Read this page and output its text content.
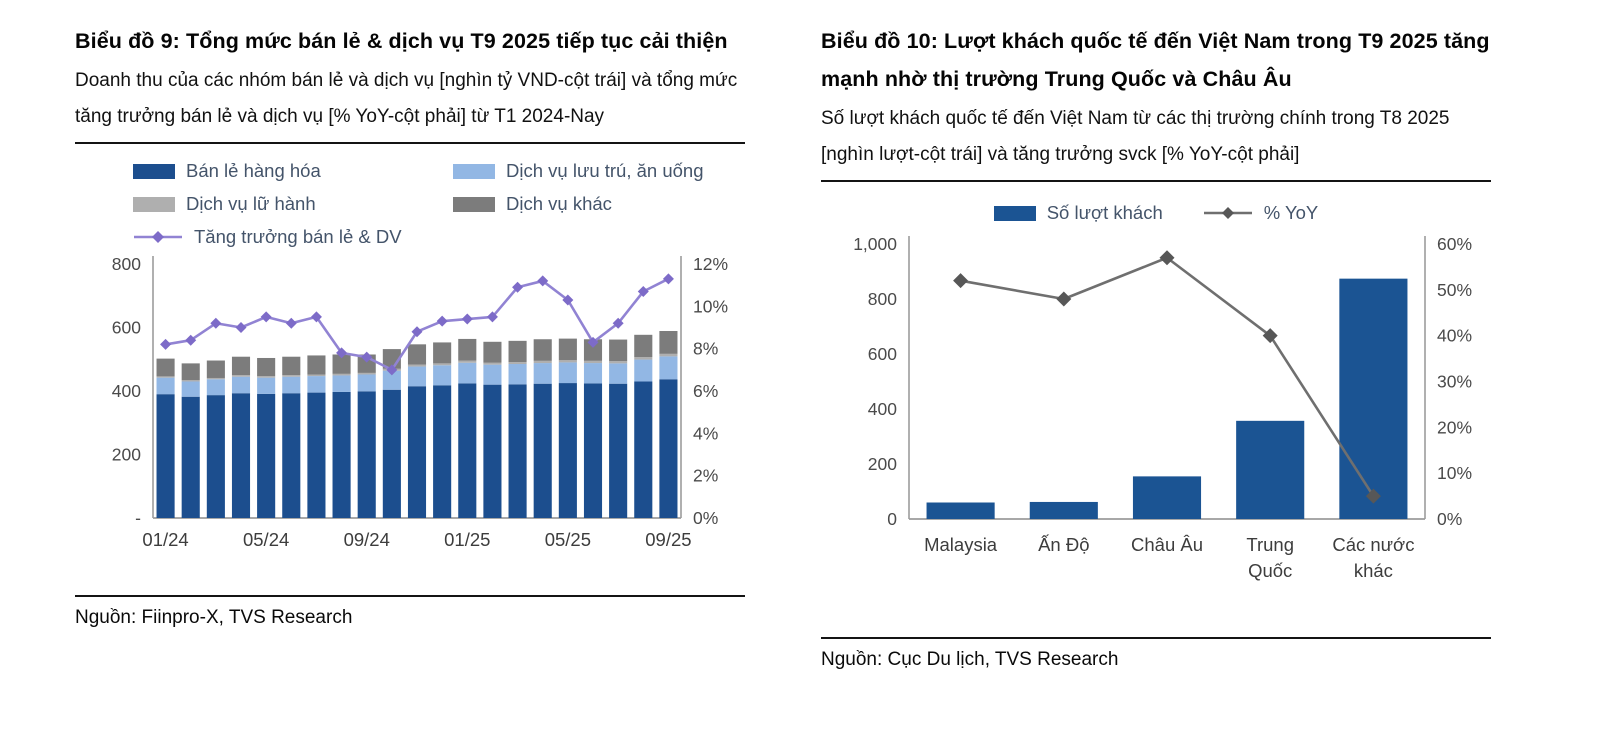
Biểu đồ 9: Tổng mức bán lẻ & dịch vụ T9 2025 tiếp tục cải thiện

Doanh thu của các nhóm bán lẻ và dịch vụ [nghìn tỷ VND-cột trái] và tổng mức tăng trưởng bán lẻ và dịch vụ [% YoY-cột phải] từ T1 2024-Nay

Bán lẻ hàng hóa	Dịch vụ lưu trú, ăn uống
Dịch vụ lữ hành	Dịch vụ khác
Tăng trưởng bán lẻ & DV
800
600
400
200
-
12%
10%
8%
6%
4%
2%
0%
01/24	05/24	09/24	01/25	05/25	09/25

Nguồn: Fiinpro-X, TVS Research

Biểu đồ 10: Lượt khách quốc tế đến Việt Nam trong T9 2025 tăng mạnh nhờ thị trường Trung Quốc và Châu Âu

Số lượt khách quốc tế đến Việt Nam từ các thị trường chính trong T8 2025 [nghìn lượt-cột trái] và tăng trưởng svck [% YoY-cột phải]

Số lượt khách	% YoY
1,000
800
600
400
200
0
60%
50%
40%
30%
20%
10%
0%
Malaysia Ấn Độ Châu Âu Trung Quốc
Các nước khác

Nguồn: Cục Du lịch, TVS Research
